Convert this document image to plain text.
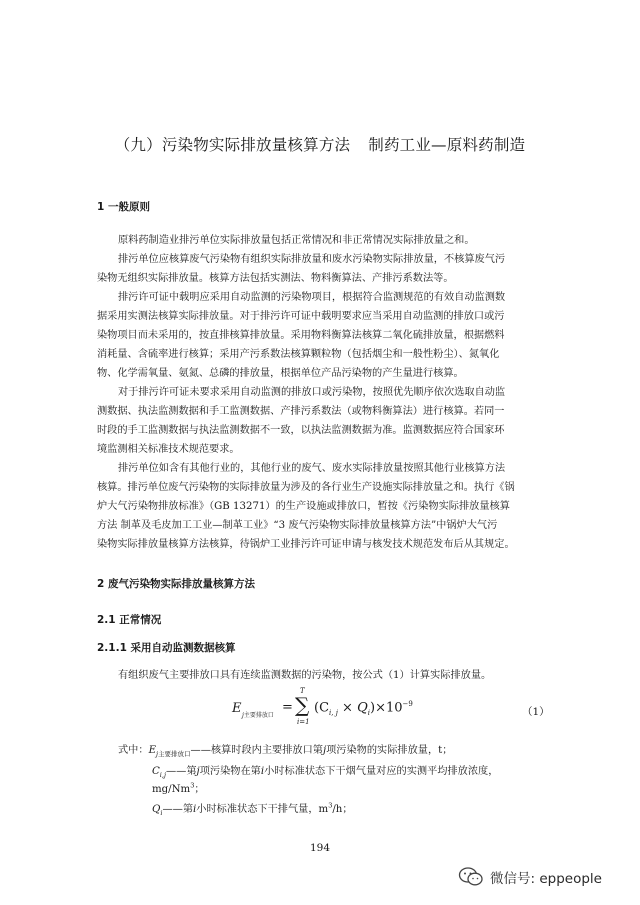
（九）污染物实际排放量核算方法 制药工业—原料药制造
1 一般原则
原料药制造业排污单位实际排放量包括正常情况和非正常情况实际排放量之和。
排污单位应核算废气污染物有组织实际排放量和废水污染物实际排放量，不核算废气污
染物无组织实际排放量。核算方法包括实测法、物料衡算法、产排污系数法等。
排污许可证中载明应采用自动监测的污染物项目，根据符合监测规范的有效自动监测数
据采用实测法核算实际排放量。对于排污许可证中载明要求应当采用自动监测的排放口或污
染物项目而未采用的，按直排核算排放量。采用物料衡算法核算二氧化硫排放量，根据燃料
消耗量、含硫率进行核算；采用产污系数法核算颗粒物（包括烟尘和一般性粉尘）、氮氧化
物、化学需氧量、氨氮、总磷的排放量，根据单位产品污染物的产生量进行核算。
对于排污许可证未要求采用自动监测的排放口或污染物，按照优先顺序依次选取自动监
测数据、执法监测数据和手工监测数据、产排污系数法（或物料衡算法）进行核算。若同一
时段的手工监测数据与执法监测数据不一致，以执法监测数据为准。监测数据应符合国家环
境监测相关标准技术规范要求。
排污单位如含有其他行业的，其他行业的废气、废水实际排放量按照其他行业核算方法
核算。排污单位废气污染物的实际排放量为涉及的各行业生产设施实际排放量之和。执行《锅
炉大气污染物排放标准》（GB 13271）的生产设施或排放口，暂按《污染物实际排放量核算
方法 制革及毛皮加工工业—制革工业》“3 废气污染物实际排放量核算方法”中锅炉大气污
染物实际排放量核算方法核算，待锅炉工业排污许可证申请与核发技术规范发布后从其规定。
2 废气污染物实际排放量核算方法
2.1 正常情况
2.1.1 采用自动监测数据核算
有组织废气主要排放口具有连续监测数据的污染物，按公式（1）计算实际排放量。
E j主要排放口
= ∑
T
i=1
$(C_{i, j} \times Q_i)\times 10^{-9}$
（1）
式中：$E_{j主要排放口}——$核算时段内主要排放口第j项污染物的实际排放量，t；
$C_{i,j}——$第j项污染物在第i小时标准状态下干烟气量对应的实测平均排放浓度，
mg/Nm$^3$；
$Q_i——$第i小时标准状态下干排气量，$m^3/h$；
194
微信号: eppeople
